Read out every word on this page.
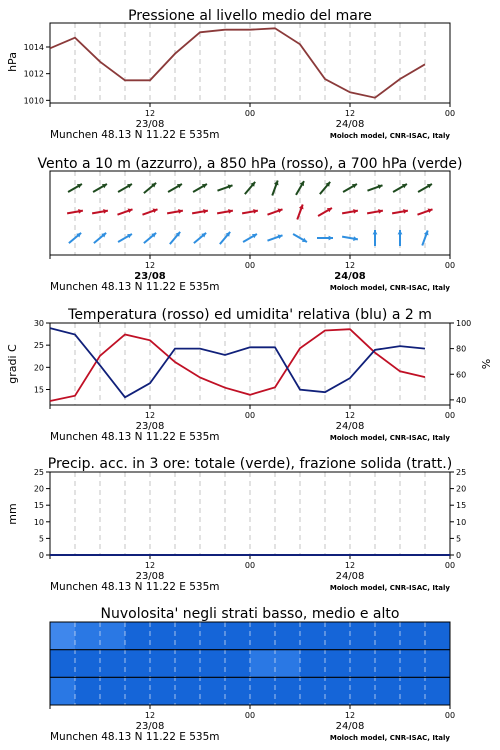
Pressione al livello medio del mare
hPa
12	00	12	00
23/08	24/08
Munchen 48.13 N 11.22 E 535m	Moloch model, CNR-ISAC, Italy
1010
1012
1014
Vento a 10 m (azzurro), a 850 hPa (rosso), a 700 hPa (verde)
12	00	12	00
23/08	24/08
Munchen 48.13 N 11.22 E 535m	Moloch model, CNR-ISAC, Italy
Temperatura (rosso) ed umidita' relativa (blu) a 2 m
gradi C	%
12	00	12	00
23/08	24/08
Munchen 48.13 N 11.22 E 535m	Moloch model, CNR-ISAC, Italy
15
20
25
30
40
60
80
100
Precip. acc. in 3 ore: totale (verde), frazione solida (tratt.)
mm
12	00	12	00
23/08	24/08
Munchen 48.13 N 11.22 E 535m	Moloch model, CNR-ISAC, Italy
0
5
10
15
20
25
0
5
10
15
20
25
Nuvolosita' negli strati basso, medio e alto
12	00	12	00
23/08	24/08
Munchen 48.13 N 11.22 E 535m	Moloch model, CNR-ISAC, Italy
